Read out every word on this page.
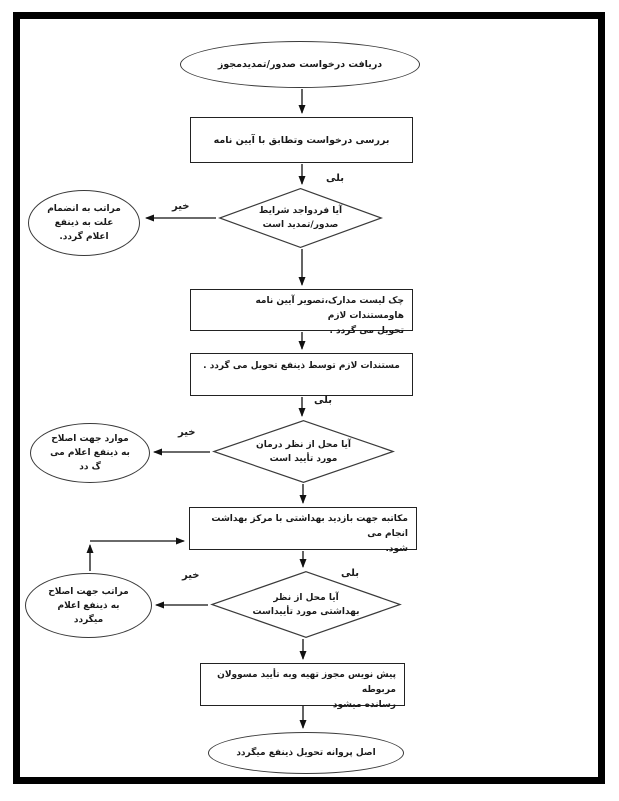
دریافت درخواست صدور/تمدیدمجوز
بررسی درخواست وتطابق با آیین نامه
بلی
خیر	آیا فردواجد شرایط
صدور/تمدید است
مراتب به انضمام
علت به ذینفع
اعلام گردد.
چک لیست مدارک،تصویر آیین نامه هاومستندات لازم
تحویل می گردد .
مستندات لازم توسط ذینفع تحویل می گردد .
بلی
خیر
آیا محل از نظر درمان
مورد تأیید است
موارد جهت اصلاح
به ذینفع اعلام می
گ دد
مکاتبه جهت بازدید بهداشتی با مرکز بهداشت انجام می
شود.
بلی
خیر
آیا محل از نظر
بهداشتی مورد تأییداست
مراتب جهت اصلاح
به ذینفع اعلام
میگردد
پیش نویس مجوز تهیه وبه تأیید مسوولان مربوطه
رسانده میشود
اصل پروانه تحویل ذینفع میگردد
